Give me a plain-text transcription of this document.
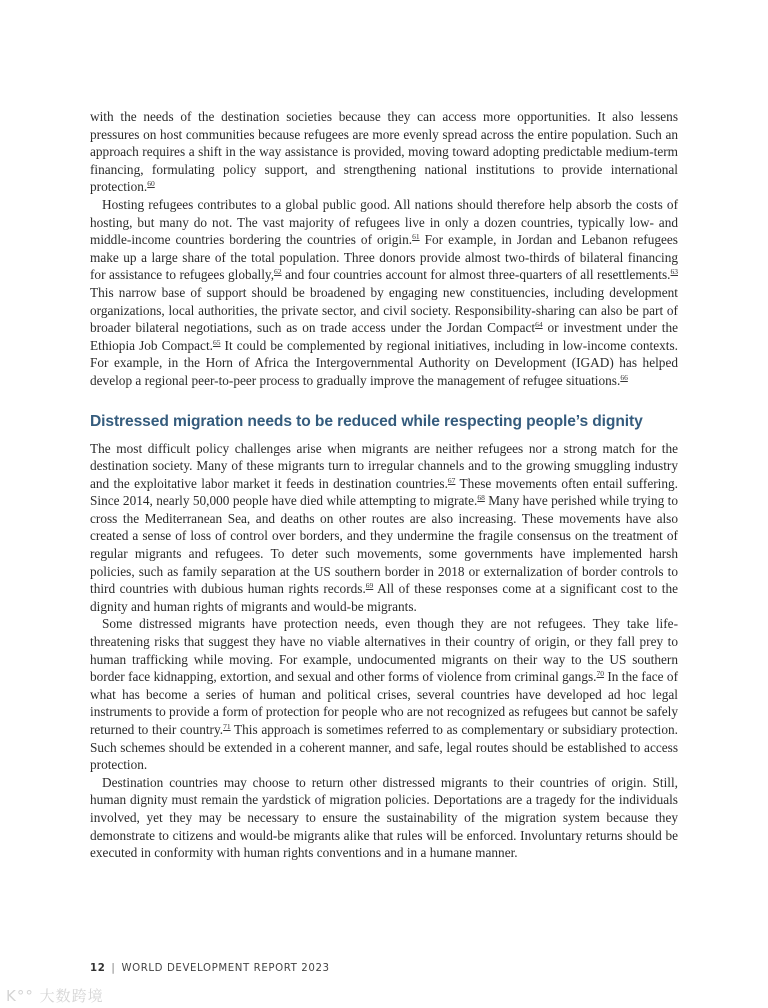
with the needs of the destination societies because they can access more opportunities. It also lessens pressures on host communities because refugees are more evenly spread across the entire population. Such an approach requires a shift in the way assistance is provided, moving toward adopting predictable medium-term financing, formulating policy support, and strengthening national institutions to provide international protection.$^{60}$

Hosting refugees contributes to a global public good. All nations should therefore help absorb the costs of hosting, but many do not. The vast majority of refugees live in only a dozen countries, typically low- and middle-income countries bordering the countries of origin.$^{61}$ For example, in Jordan and Lebanon refugees make up a large share of the total population. Three donors provide almost two-thirds of bilateral financing for assistance to refugees globally,$^{62}$ and four countries account for almost three-quarters of all resettlements.$^{63}$ This narrow base of support should be broadened by engaging new constituencies, including development organizations, local authorities, the private sector, and civil society. Responsibility-sharing can also be part of broader bilateral negotiations, such as on trade access under the Jordan Compact$^{64}$ or investment under the Ethiopia Job Compact.$^{65}$ It could be complemented by regional initiatives, including in low-income contexts. For example, in the Horn of Africa the Intergovernmental Authority on Development (IGAD) has helped develop a regional peer-to-peer process to gradually improve the management of refugee situations.$^{66}$

Distressed migration needs to be reduced while respecting people’s dignity

The most difficult policy challenges arise when migrants are neither refugees nor a strong match for the destination society. Many of these migrants turn to irregular channels and to the growing smuggling industry and the exploitative labor market it feeds in destination countries.$^{67}$ These movements often entail suffering. Since 2014, nearly 50,000 people have died while attempting to migrate.$^{68}$ Many have perished while trying to cross the Mediterranean Sea, and deaths on other routes are also increasing. These movements have also created a sense of loss of control over borders, and they undermine the fragile consensus on the treatment of regular migrants and refugees. To deter such movements, some governments have implemented harsh policies, such as family separation at the US southern border in 2018 or externalization of border controls to third countries with dubious human rights records.$^{69}$ All of these responses come at a significant cost to the dignity and human rights of migrants and would-be migrants.

Some distressed migrants have protection needs, even though they are not refugees. They take life-threatening risks that suggest they have no viable alternatives in their country of origin, or they fall prey to human trafficking while moving. For example, undocumented migrants on their way to the US southern border face kidnapping, extortion, and sexual and other forms of violence from criminal gangs.$^{70}$ In the face of what has become a series of human and political crises, several countries have developed ad hoc legal instruments to provide a form of protection for people who are not recognized as refugees but cannot be safely returned to their country.$^{71}$ This approach is sometimes referred to as complementary or subsidiary protection. Such schemes should be extended in a coherent manner, and safe, legal routes should be established to access protection.

Destination countries may choose to return other distressed migrants to their countries of origin. Still, human dignity must remain the yardstick of migration policies. Deportations are a tragedy for the individuals involved, yet they may be necessary to ensure the sustainability of the migration system because they demonstrate to citizens and would-be migrants alike that rules will be enforced. Involuntary returns should be executed in conformity with human rights conventions and in a humane manner.

12 | WORLD DEVELOPMENT REPORT 2023
K°° 大数跨境
